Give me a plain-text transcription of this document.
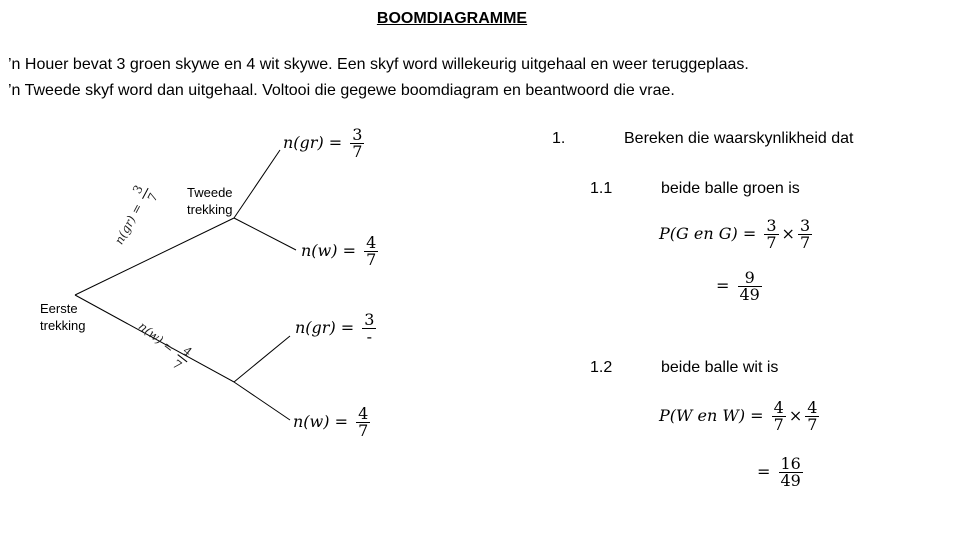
BOOMDIAGRAMME
’n Houer bevat 3 groen skywe en 4 wit skywe. Een skyf word willekeurig uitgehaal en weer teruggeplaas.
’n Tweede skyf word dan uitgehaal. Voltooi die gegewe boomdiagram en beantwoord die vrae.
Tweede trekking
Eerste trekking
n(gr) =
3
7
n(w) = 4
7
$n(gr) = \frac{3}{7}$
$n(w) = \frac{4}{7}$
$n(gr) = \frac{3}{-}$
$n(w) = \frac{4}{7}$
1.	Bereken die waarskynlikheid dat
1.1	beide balle groen is
P(G en $G) = \frac{3}{7} \times \frac{3}{7}$
= $\frac{9}{49}$
1.2	beide balle wit is
P(W en $W) = \frac{4}{7} \times \frac{4}{7}$
= $\frac{16}{49}$
